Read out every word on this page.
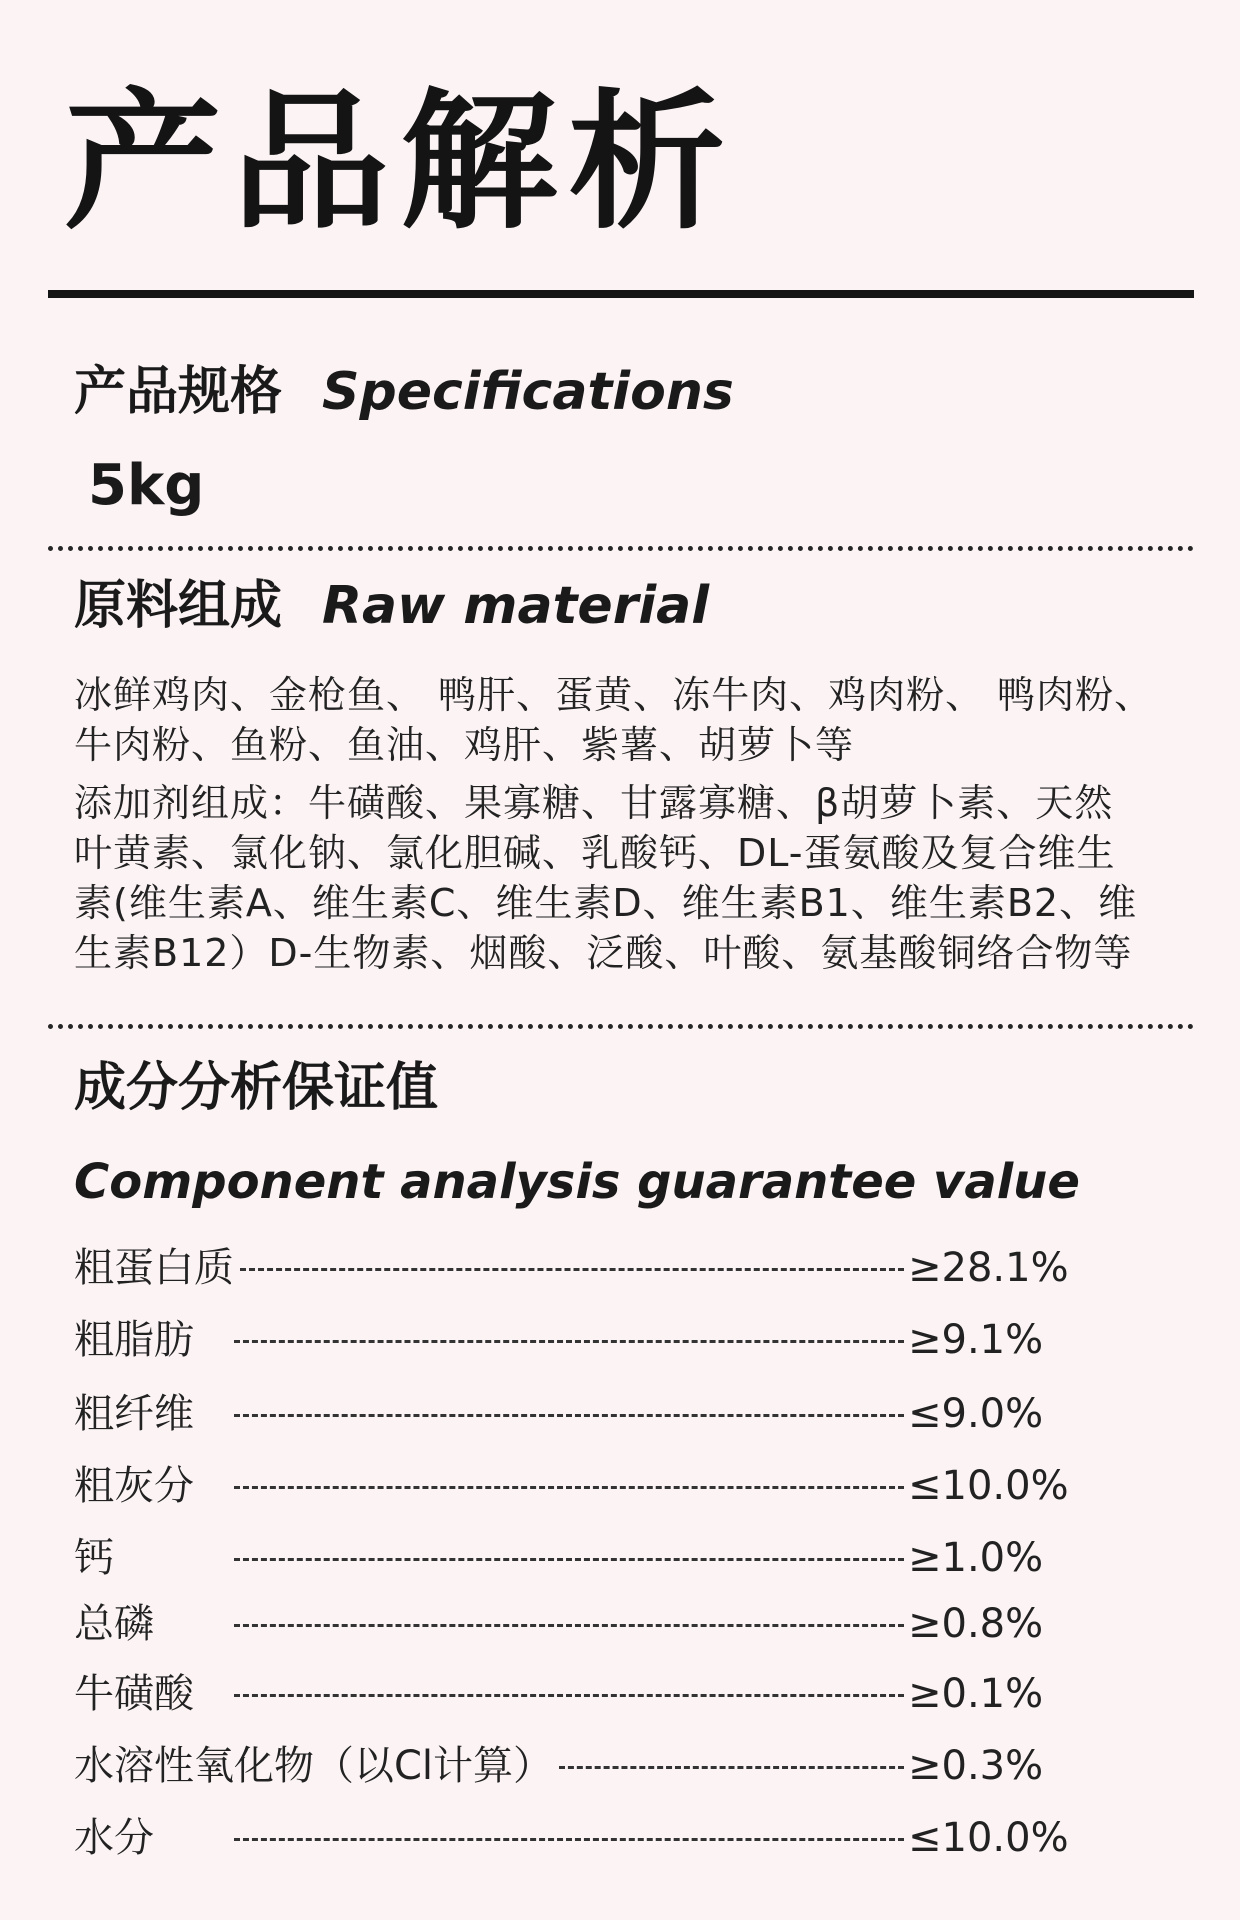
产品解析
产品规格 Specifications
5kg
原料组成 Raw material
冰鲜鸡肉、金枪鱼、 鸭肝、蛋黄、冻牛肉、鸡肉粉、 鸭肉粉、
牛肉粉、鱼粉、鱼油、鸡肝、紫薯、胡萝卜等
添加剂组成：牛磺酸、果寡糖、甘露寡糖、β胡萝卜素、天然
叶黄素、氯化钠、氯化胆碱、乳酸钙、DL-蛋氨酸及复合维生
素(维生素A、维生素C、维生素D、维生素B1、维生素B2、维
生素B12）D-生物素、烟酸、泛酸、叶酸、氨基酸铜络合物等
成分分析保证值
Component analysis guarantee value
粗蛋白质	≥28.1%
粗脂肪	≥9.1%
粗纤维	≤9.0%
粗灰分	≤10.0%
钙	≥1.0%
总磷	≥0.8%
牛磺酸	≥0.1%
水溶性氧化物（以Cl计算）	≥0.3%
水分	≤10.0%
